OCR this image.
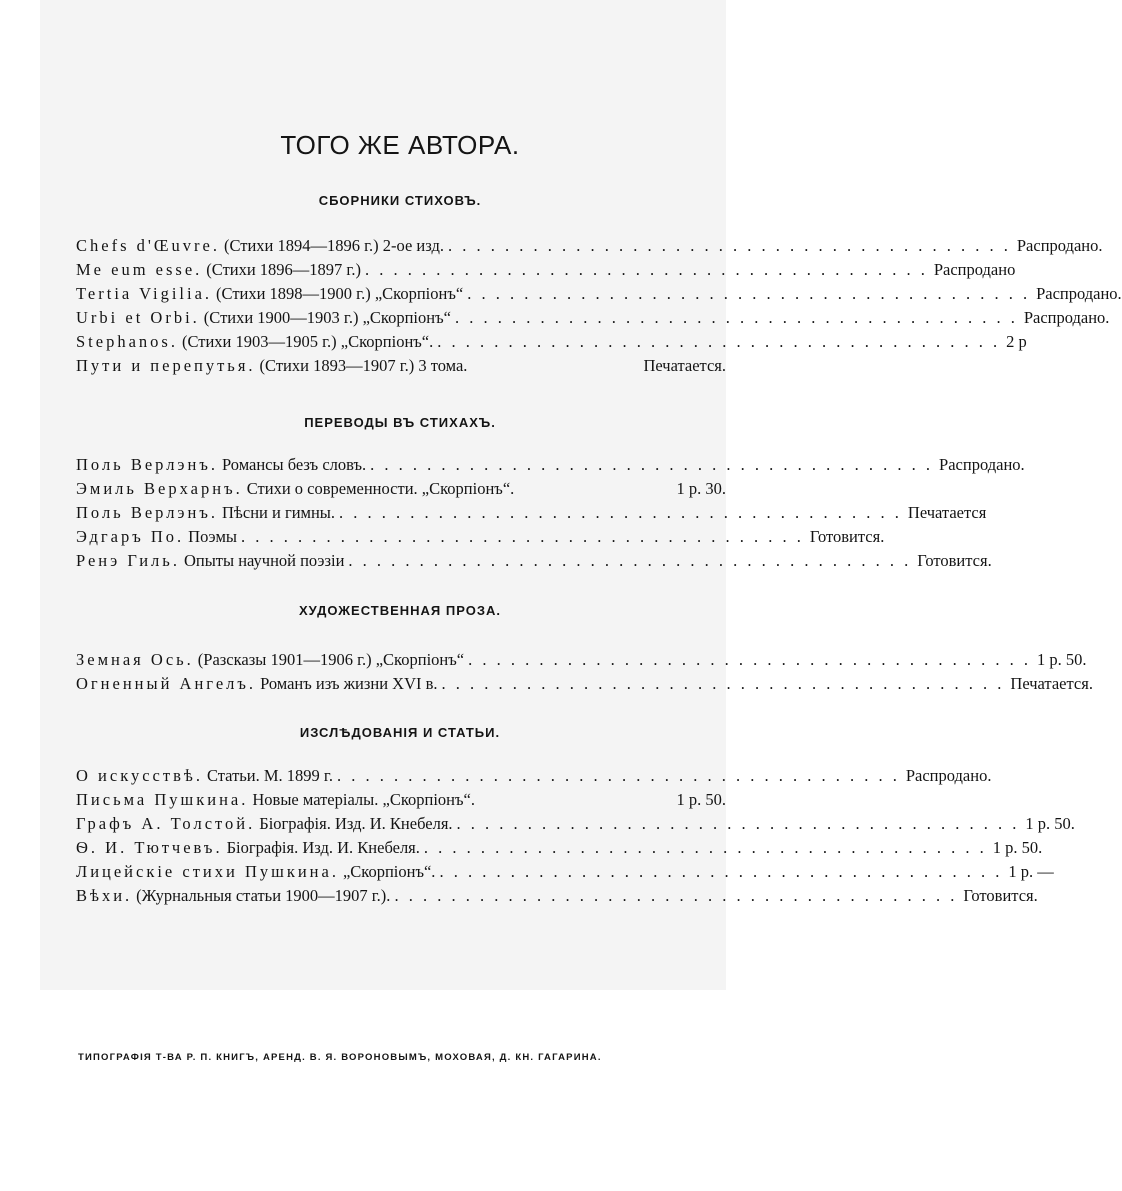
ТОГО ЖЕ АВТОРА.
СБОРНИКИ СТИХОВЪ.
Chefs d'Œuvre. (Стихи 1894—1896 г.) 2-ое изд. . . . . . . . . . . . . . . . . . . . . . . . . . . . . . . . . . . . . . . . . Распродано.
Me eum esse. (Стихи 1896—1897 г.) . . . . . . . . . . . . . . . . . . . . . . . . . . . . . . . . . . . . . . . . Распродано
Tertia Vigilia. (Стихи 1898—1900 г.) „Скорпіонъ“ . . . . . . . . . . . . . . . . . . . . . . . . . . . . . . . . . . . . . . . . Распродано.
Urbi et Orbi. (Стихи 1900—1903 г.) „Скорпіонъ“ . . . . . . . . . . . . . . . . . . . . . . . . . . . . . . . . . . . . . . . . Распродано.
Stephanos. (Стихи 1903—1905 г.) „Скорпіонъ“. . . . . . . . . . . . . . . . . . . . . . . . . . . . . . . . . . . . . . . . . 2 р
Пути и перепутья. (Стихи 1893—1907 г.) 3 тома.	Печатается.
ПЕРЕВОДЫ ВЪ СТИХАХЪ.
Поль Верлэнъ. Романсы безъ словъ. . . . . . . . . . . . . . . . . . . . . . . . . . . . . . . . . . . . . . . . . Распродано.
Эмиль Верхарнъ. Стихи о современности. „Скорпіонъ“.	1 р. 30.
Поль Верлэнъ. Пѣсни и гимны. . . . . . . . . . . . . . . . . . . . . . . . . . . . . . . . . . . . . . . . . Печатается
Эдгаръ По. Поэмы . . . . . . . . . . . . . . . . . . . . . . . . . . . . . . . . . . . . . . . . Готовится.
Ренэ Гиль. Опыты научной поэзіи . . . . . . . . . . . . . . . . . . . . . . . . . . . . . . . . . . . . . . . . Готовится.
ХУДОЖЕСТВЕННАЯ ПРОЗА.
Земная Ось. (Разсказы 1901—1906 г.) „Скорпіонъ“ . . . . . . . . . . . . . . . . . . . . . . . . . . . . . . . . . . . . . . . . 1 р. 50.
Огненный Ангелъ. Романъ изъ жизни XVI в. . . . . . . . . . . . . . . . . . . . . . . . . . . . . . . . . . . . . . . . . Печатается.
ИЗСЛѢДОВАНІЯ И СТАТЬИ.
О искусствѣ. Статьи. М. 1899 г. . . . . . . . . . . . . . . . . . . . . . . . . . . . . . . . . . . . . . . . . Распродано.
Письма Пушкина. Новые матеріалы. „Скорпіонъ“.	1 р. 50.
Графъ А. Толстой. Біографія. Изд. И. Кнебеля. . . . . . . . . . . . . . . . . . . . . . . . . . . . . . . . . . . . . . . . . 1 р. 50.
Ѳ. И. Тютчевъ. Біографія. Изд. И. Кнебеля. . . . . . . . . . . . . . . . . . . . . . . . . . . . . . . . . . . . . . . . . 1 р. 50.
Лицейскіе стихи Пушкина. „Скорпіонъ“. . . . . . . . . . . . . . . . . . . . . . . . . . . . . . . . . . . . . . . . . 1 р. —
Вѣхи. (Журнальныя статьи 1900—1907 г.). . . . . . . . . . . . . . . . . . . . . . . . . . . . . . . . . . . . . . . . . Готовится.

ТИПОГРАФІЯ Т-ВА Р. П. КНИГЪ, АРЕНД. В. Я. ВОРОНОВЫМЪ, МОХОВАЯ, Д. КН. ГАГАРИНА.
